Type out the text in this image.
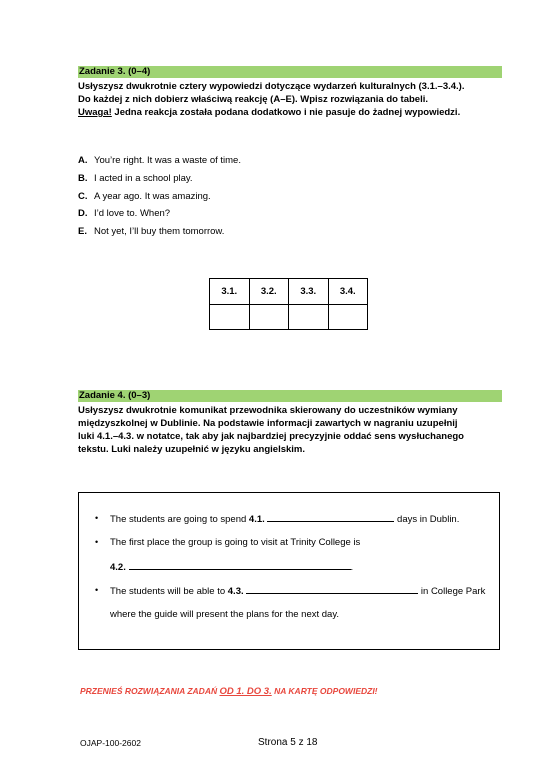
Zadanie 3. (0–4)
Usłyszysz dwukrotnie cztery wypowiedzi dotyczące wydarzeń kulturalnych (3.1.–3.4.).
Do każdej z nich dobierz właściwą reakcję (A–E). Wpisz rozwiązania do tabeli.
Uwaga! Jedna reakcja została podana dodatkowo i nie pasuje do żadnej wypowiedzi.
A. You’re right. It was a waste of time.
B. I acted in a school play.
C. A year ago. It was amazing.
D. I’d love to. When?
E. Not yet, I’ll buy them tomorrow.
3.1.	3.2.	3.3.	3.4.

Zadanie 4. (0–3)
Usłyszysz dwukrotnie komunikat przewodnika skierowany do uczestników wymiany
międzyszkolnej w Dublinie. Na podstawie informacji zawartych w nagraniu uzupełnij
luki 4.1.–4.3. w notatce, tak aby jak najbardziej precyzyjnie oddać sens wysłuchanego
tekstu. Luki należy uzupełnić w języku angielskim.
• The students are going to spend 4.1.	days in Dublin.
• The first place the group is going to visit at Trinity College is
4.2.	.
• The students will be able to 4.3.	in College Park
where the guide will present the plans for the next day.
PRZENIEŚ ROZWIĄZANIA ZADAŃ OD 1. DO 3. NA KARTĘ ODPOWIEDZI!
OJAP-100-2602	Strona 5 z 18
